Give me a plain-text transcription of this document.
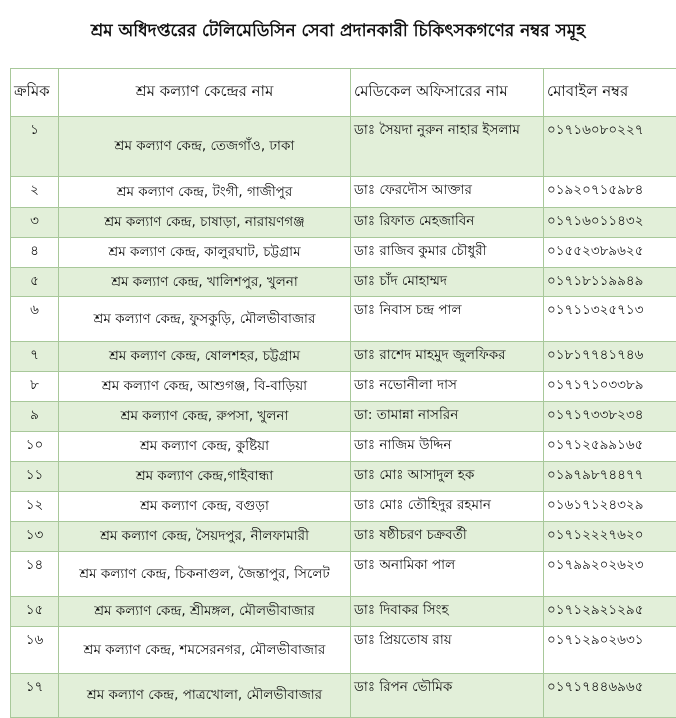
শ্রম অধিদপ্তরের টেলিমেডিসিন সেবা প্রদানকারী চিকিৎসকগণের নম্বর সমূহ
ক্রমিক	শ্রম কল্যাণ কেন্দ্রের নাম	মেডিকেল অফিসারের নাম	মোবাইল নম্বর
১	শ্রম কল্যাণ কেন্দ্র, তেজগাঁও, ঢাকা	ডাঃ সৈয়দা নুরুন নাহার ইসলাম	০১৭১৬০৮০২২৭
২	শ্রম কল্যাণ কেন্দ্র, টংগী, গাজীপুর	ডাঃ ফেরদৌস আক্তার	০১৯২০৭১৫৯৮৪
৩	শ্রম কল্যাণ কেন্দ্র, চাষাড়া, নারায়ণগঞ্জ	ডাঃ রিফাত মেহজাবিন	০১৭১৬০১১৪৩২
৪	শ্রম কল্যাণ কেন্দ্র, কালুরঘাট, চট্টগ্রাম	ডাঃ রাজিব কুমার চৌধুরী	০১৫৫২৩৮৯৬২৫
৫	শ্রম কল্যাণ কেন্দ্র, খালিশপুর, খুলনা	ডাঃ চাঁদ মোহাম্মদ	০১৭১৮১১৯৯৪৯
৬	শ্রম কল্যাণ কেন্দ্র, ফুসকুড়ি, মৌলভীবাজার	ডাঃ নিবাস চন্দ্র পাল	০১৭১১৩২৫৭১৩
৭	শ্রম কল্যাণ কেন্দ্র, ষোলশহর, চট্টগ্রাম	ডাঃ রাশেদ মাহমুদ জুলফিকর	০১৮১৭৭৪১৭৪৬
৮	শ্রম কল্যাণ কেন্দ্র, আশুগঞ্জ, বি-বাড়িয়া	ডাঃ নভোনীলা দাস	০১৭১৭১০৩৩৮৯
৯	শ্রম কল্যাণ কেন্দ্র, রুপসা, খুলনা	ডা: তামান্না নাসরিন	০১৭১৭৩৩৮২৩৪
১০	শ্রম কল্যাণ কেন্দ্র, কুষ্টিয়া	ডাঃ নাজিম উদ্দিন	০১৭১২৫৯৯১৬৫
১১	শ্রম কল্যাণ কেন্দ্র,গাইবান্ধা	ডাঃ মোঃ আসাদুল হক	০১৯৭৯৮৭৪৪৭৭
১২	শ্রম কল্যাণ কেন্দ্র, বগুড়া	ডাঃ মোঃ তৌহিদুর রহমান	০১৬১৭১২৪৩২৯
১৩	শ্রম কল্যাণ কেন্দ্র, সৈয়দপুর, নীলফামারী	ডাঃ ষষ্ঠীচরণ চক্রবর্তী	০১৭১২২২৭৬২০
১৪	শ্রম কল্যাণ কেন্দ্র, চিকনাগুল, জৈন্তাপুর, সিলেট	ডাঃ অনামিকা পাল	০১৭৯৯২০২৬২৩
১৫	শ্রম কল্যাণ কেন্দ্র, শ্রীমঙ্গল, মৌলভীবাজার	ডাঃ দিবাকর সিংহ	০১৭১২৯২১২৯৫
১৬	শ্রম কল্যাণ কেন্দ্র, শমসেরনগর, মৌলভীবাজার	ডাঃ প্রিয়তোষ রায়	০১৭১২৯০২৬৩১
১৭	শ্রম কল্যাণ কেন্দ্র, পাত্রখোলা, মৌলভীবাজার	ডাঃ রিপন ভৌমিক	০১৭১৭৪৪৬৯৬৫
